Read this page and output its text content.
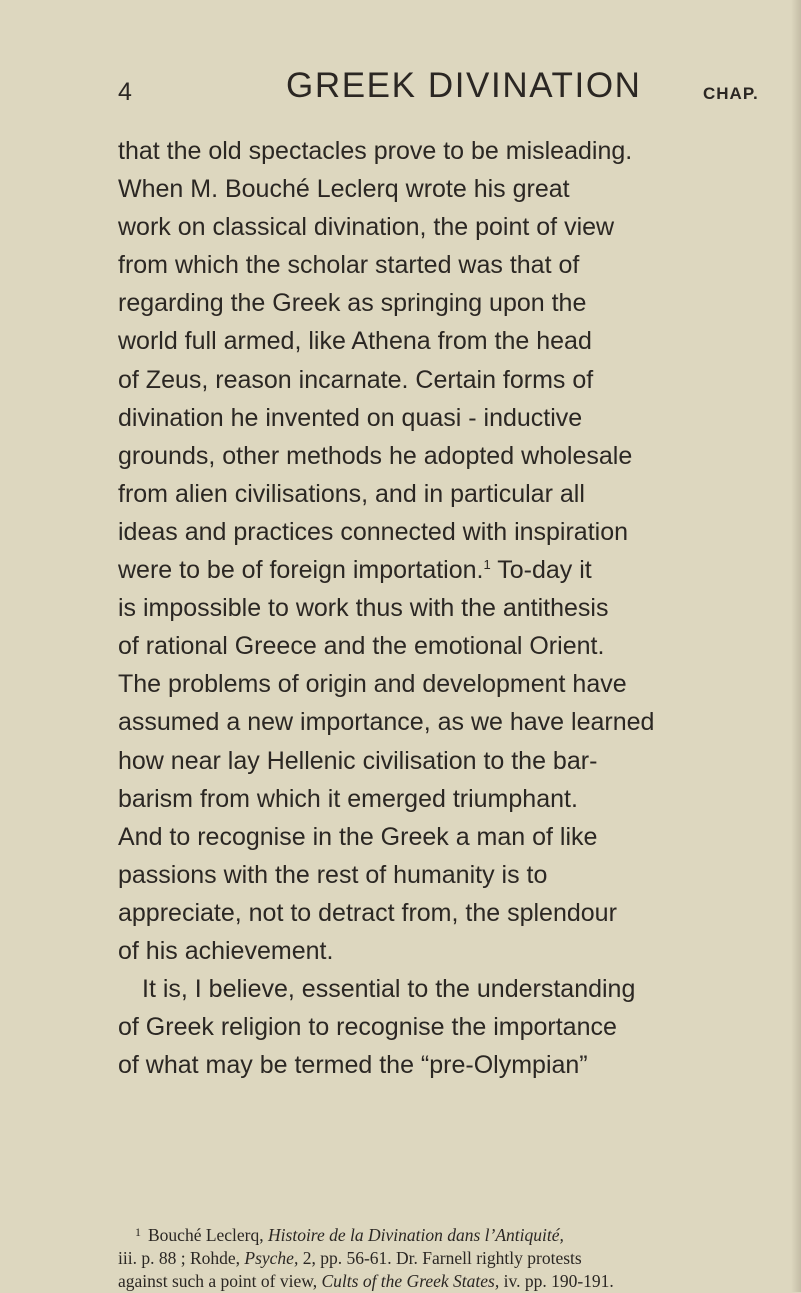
4	GREEK DIVINATION	CHAP.
that the old spectacles prove to be misleading.
When M. Bouché Leclerq wrote his great
work on classical divination, the point of view
from which the scholar started was that of
regarding the Greek as springing upon the
world full armed, like Athena from the head
of Zeus, reason incarnate. Certain forms of
divination he invented on quasi - inductive
grounds, other methods he adopted wholesale
from alien civilisations, and in particular all
ideas and practices connected with inspiration
were to be of foreign importation.$^1$ To-day it
is impossible to work thus with the antithesis
of rational Greece and the emotional Orient.
The problems of origin and development have
assumed a new importance, as we have learned
how near lay Hellenic civilisation to the bar-
barism from which it emerged triumphant.
And to recognise in the Greek a man of like
passions with the rest of humanity is to
appreciate, not to detract from, the splendour
of his achievement.
It is, I believe, essential to the understanding
of Greek religion to recognise the importance
of what may be termed the “pre-Olympian”
$^1$ Bouché Leclerq, Histoire de la Divination dans l’Antiquité,
iii. p. 88 ; Rohde, Psyche, 2, pp. 56-61. Dr. Farnell rightly protests
against such a point of view, Cults of the Greek States, iv. pp. 190-191.
